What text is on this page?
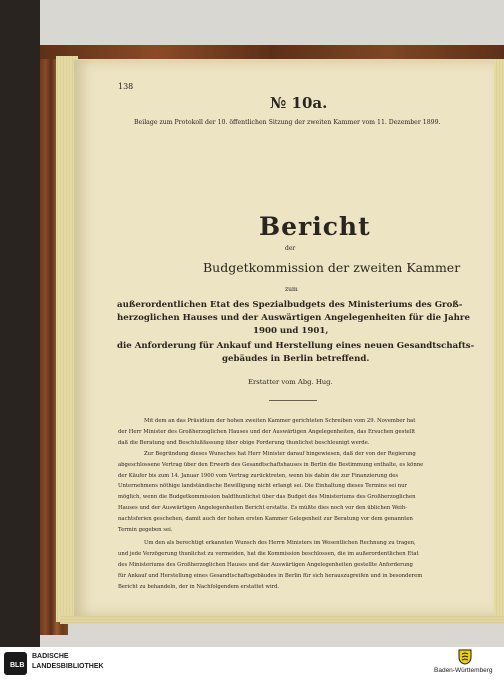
138

№ 10a.

Beilage zum Protokoll der 10. öffentlichen Sitzung der zweiten Kammer vom 11. Dezember 1899.

Bericht

der

Budgetkommission der zweiten Kammer

zum

außerordentlichen Etat des Spezialbudgets des Ministeriums des Groß-

herzoglichen Hauses und der Auswärtigen Angelegenheiten für die Jahre

1900 und 1901,

die Anforderung für Ankauf und Herstellung eines neuen Gesandtschafts-

gebäudes in Berlin betreffend.

Erstatter vom Abg. Hug.

Mit dem an das Präsidium der hohen zweiten Kammer gerichteten Schreiben vom 29. November hat

der Herr Minister des Großherzoglichen Hauses und der Auswärtigen Angelegenheiten, das Ersuchen gestellt

daß die Beratung und Beschlußfassung über obige Forderung thunlichst beschleunigt werde.

Zur Begründung dieses Wunsches hat Herr Minister darauf hingewiesen, daß der von der Regierung

abgeschlossene Vertrag über den Erwerb des Gesandtschaftshauses in Berlin die Bestimmung enthalte, es könne

der Käufer bis zum 14. Januar 1900 vom Vertrag zurücktreten, wenn bis dahin die zur Finanzierung des

Unternehmens nöthige landständische Bewilligung nicht erlangt sei. Die Einhaltung dieses Termins sei nur

möglich, wenn die Budgetkommission baldthunlichst über das Budget des Ministeriums des Großherzoglichen

Hauses und der Auswärtigen Angelegenheiten Bericht erstatte. Es müßte dies noch vor den üblichen Weih-

nachtsferien geschehen, damit auch der hohen ersten Kammer Gelegenheit zur Beratung vor dem genannten

Termin gegeben sei.

Um den als berechtigt erkannten Wunsch des Herrn Ministers im Wesentlichen Rechnung zu tragen,

und jede Verzögerung thunlichst zu vermeiden, hat die Kommission beschlossen, die im außerordentlichen Etat

des Ministeriums des Großherzoglichen Hauses und der Auswärtigen Angelegenheiten gestellte Anforderung

für Ankauf und Herstellung eines Gesandtschaftsgebäudes in Berlin für sich herauszugreifen und in besonderem

Bericht zu behandeln, der in Nachfolgendem erstattet wird.

BLB
BADISCHE
LANDESBIBLIOTHEK
Baden-Württemberg
